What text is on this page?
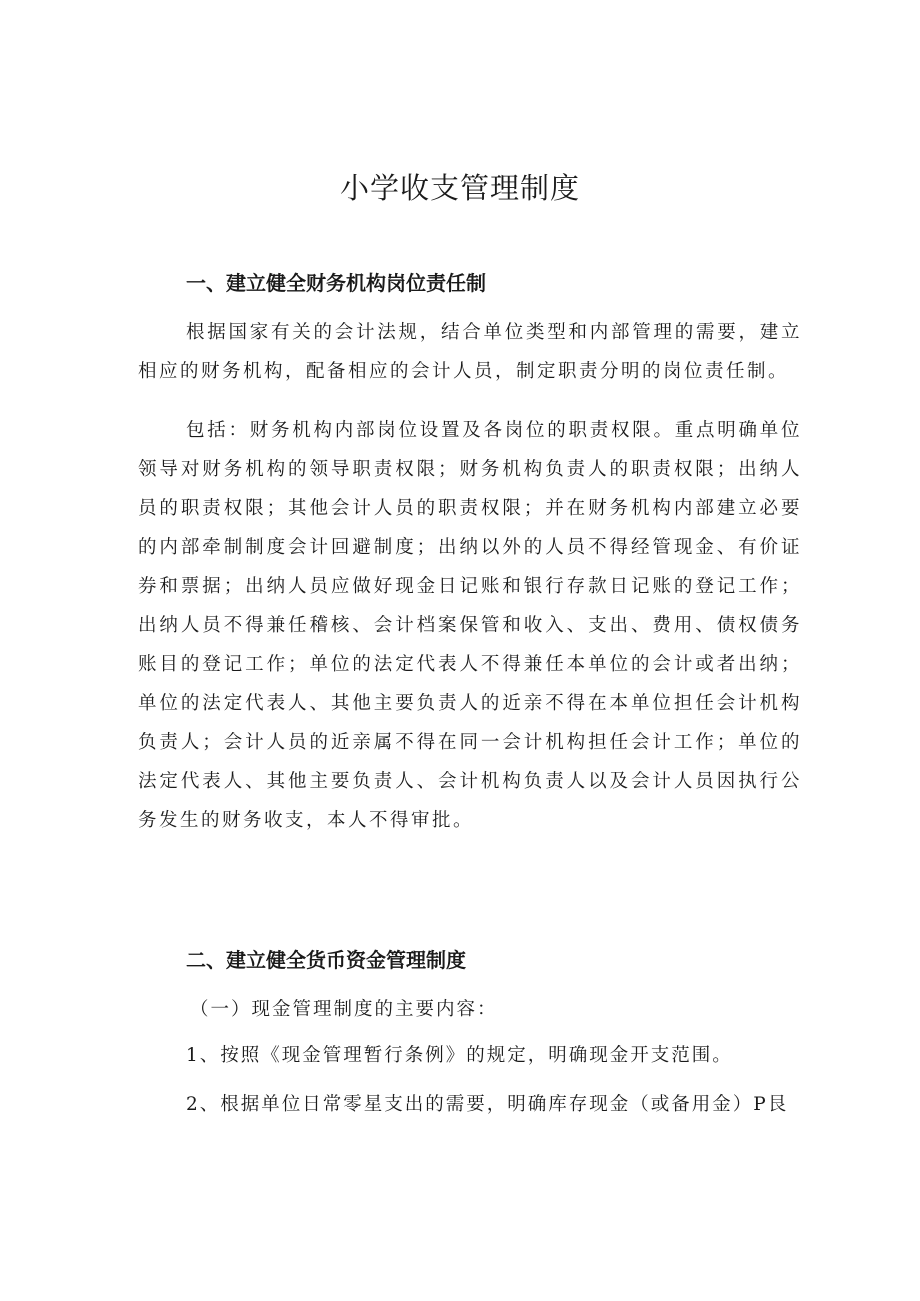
小学收支管理制度
一、建立健全财务机构岗位责任制

根据国家有关的会计法规，结合单位类型和内部管理的需要，建立相应的财务机构，配备相应的会计人员，制定职责分明的岗位责任制。

包括：财务机构内部岗位设置及各岗位的职责权限。重点明确单位领导对财务机构的领导职责权限；财务机构负责人的职责权限；出纳人员的职责权限；其他会计人员的职责权限；并在财务机构内部建立必要的内部牵制制度会计回避制度；出纳以外的人员不得经管现金、有价证券和票据；出纳人员应做好现金日记账和银行存款日记账的登记工作；出纳人员不得兼任稽核、会计档案保管和收入、支出、费用、债权债务账目的登记工作；单位的法定代表人不得兼任本单位的会计或者出纳；单位的法定代表人、其他主要负责人的近亲不得在本单位担任会计机构负责人；会计人员的近亲属不得在同一会计机构担任会计工作；单位的法定代表人、其他主要负责人、会计机构负责人以及会计人员因执行公务发生的财务收支，本人不得审批。

二、建立健全货币资金管理制度

（一）现金管理制度的主要内容：

1、按照《现金管理暂行条例》的规定，明确现金开支范围。

2、根据单位日常零星支出的需要，明确库存现金（或备用金）P艮
